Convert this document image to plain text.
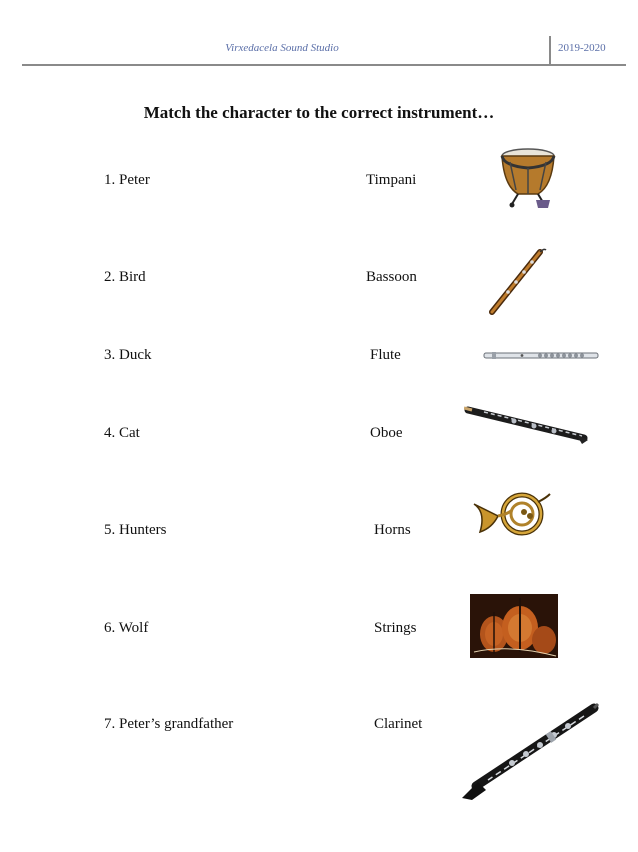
Virxedacela Sound Studio	2019-2020
Match the character to the correct instrument…
1. Peter	Timpani
2. Bird	Bassoon
3. Duck	Flute
4. Cat	Oboe
5. Hunters	Horns
6. Wolf	Strings
7. Peter’s grandfather	Clarinet
